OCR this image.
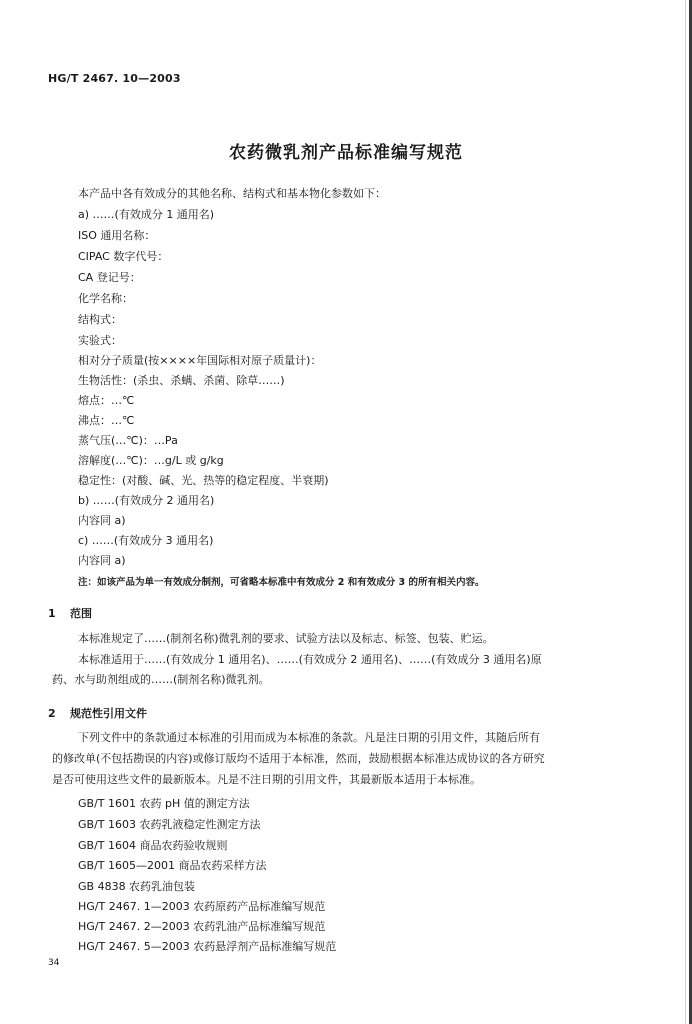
HG/T 2467. 10—2003
农药微乳剂产品标准编写规范
本产品中各有效成分的其他名称、结构式和基本物化参数如下：
a) ……(有效成分 1 通用名)
ISO 通用名称：
CIPAC 数字代号：
CA 登记号：
化学名称：
结构式：
实验式：
相对分子质量(按××××年国际相对原子质量计)：
生物活性：(杀虫、杀螨、杀菌、除草……)
熔点：…℃
沸点：…℃
蒸气压(…℃)：…Pa
溶解度(…℃)：…g/L 或 g/kg
稳定性：(对酸、碱、光、热等的稳定程度、半衰期)
b) ……(有效成分 2 通用名)
内容同 a)
c) ……(有效成分 3 通用名)
内容同 a)
注：如该产品为单一有效成分制剂，可省略本标准中有效成分 2 和有效成分 3 的所有相关内容。
1 范围
本标准规定了……(制剂名称)微乳剂的要求、试验方法以及标志、标签、包装、贮运。
本标准适用于……(有效成分 1 通用名)、……(有效成分 2 通用名)、……(有效成分 3 通用名)原
药、水与助剂组成的……(制剂名称)微乳剂。
2 规范性引用文件
下列文件中的条款通过本标准的引用而成为本标准的条款。凡是注日期的引用文件，其随后所有
的修改单(不包括勘误的内容)或修订版均不适用于本标准，然而，鼓励根据本标准达成协议的各方研究
是否可使用这些文件的最新版本。凡是不注日期的引用文件，其最新版本适用于本标准。
GB/T 1601 农药 pH 值的测定方法
GB/T 1603 农药乳液稳定性测定方法
GB/T 1604 商品农药验收规则
GB/T 1605—2001 商品农药采样方法
GB 4838 农药乳油包装
HG/T 2467. 1—2003 农药原药产品标准编写规范
HG/T 2467. 2—2003 农药乳油产品标准编写规范
HG/T 2467. 5—2003 农药悬浮剂产品标准编写规范
34
